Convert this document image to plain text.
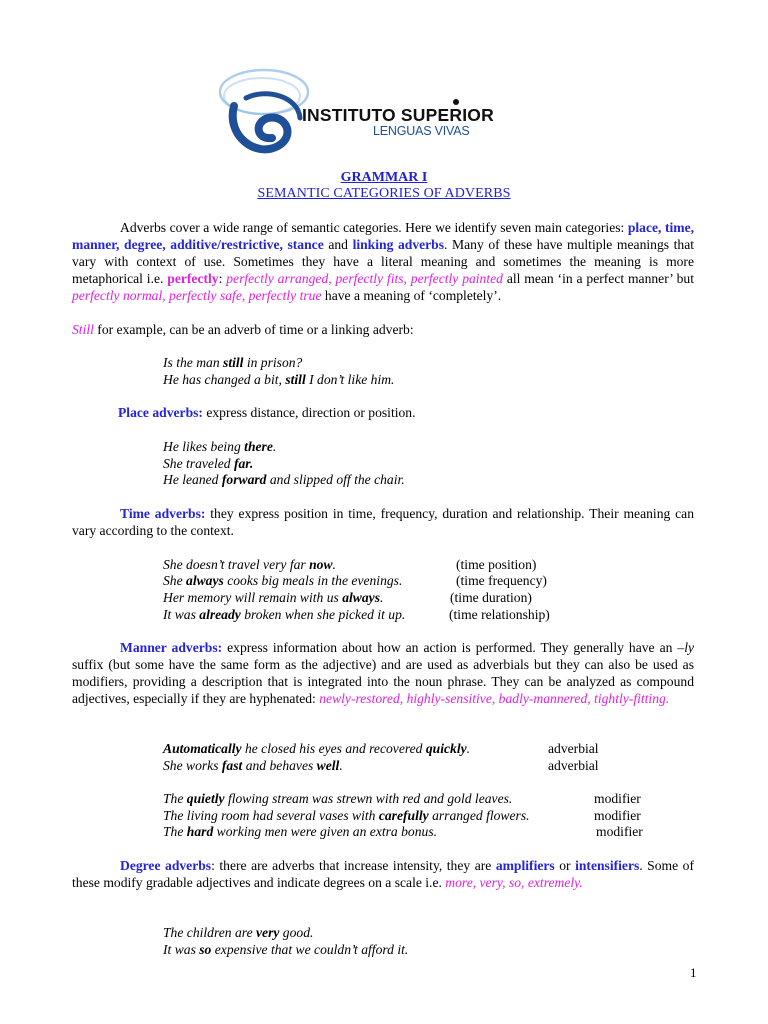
INSTITUTO SUPERIOR
LENGUAS VIVAS
GRAMMAR I
SEMANTIC CATEGORIES OF ADVERBS
Adverbs cover a wide range of semantic categories. Here we identify seven main categories: place, time, manner, degree, additive/restrictive, stance and linking adverbs. Many of these have multiple meanings that vary with context of use. Sometimes they have a literal meaning and sometimes the meaning is more metaphorical i.e. perfectly: perfectly arranged, perfectly fits, perfectly painted all mean ‘in a perfect manner’ but perfectly normal, perfectly safe, perfectly true have a meaning of ‘completely’.
Still for example, can be an adverb of time or a linking adverb:
Is the man still in prison?
He has changed a bit, still I don’t like him.
Place adverbs: express distance, direction or position.
He likes being there.
She traveled far.
He leaned forward and slipped off the chair.
Time adverbs: they express position in time, frequency, duration and relationship. Their meaning can vary according to the context.
She doesn’t travel very far now.	(time position)
She always cooks big meals in the evenings.	(time frequency)
Her memory will remain with us always.	(time duration)
It was already broken when she picked it up.	(time relationship)
Manner adverbs: express information about how an action is performed. They generally have an –ly suffix (but some have the same form as the adjective) and are used as adverbials but they can also be used as modifiers, providing a description that is integrated into the noun phrase. They can be analyzed as compound adjectives, especially if they are hyphenated: newly-restored, highly-sensitive, badly-mannered, tightly-fitting.
Automatically he closed his eyes and recovered quickly.	adverbial
She works fast and behaves well.	adverbial
The quietly flowing stream was strewn with red and gold leaves.	modifier
The living room had several vases with carefully arranged flowers.	modifier
The hard working men were given an extra bonus.	modifier
Degree adverbs: there are adverbs that increase intensity, they are amplifiers or intensifiers. Some of these modify gradable adjectives and indicate degrees on a scale i.e. more, very, so, extremely.
The children are very good.
It was so expensive that we couldn’t afford it.
1
